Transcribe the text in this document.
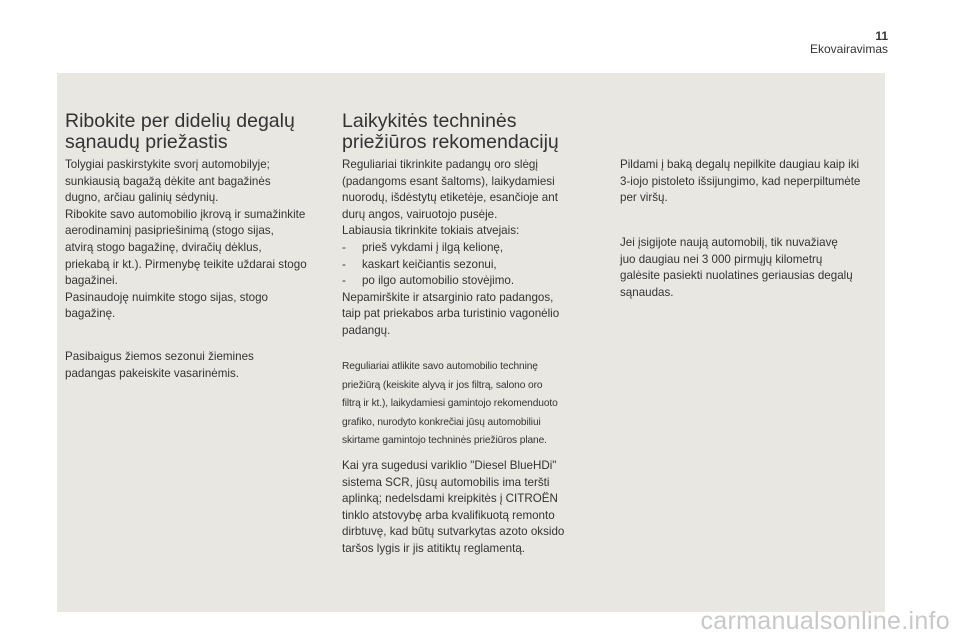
11
Ekovairavimas
Ribokite per didelių degalų
sąnaudų priežastis

Tolygiai paskirstykite svorį automobilyje;
sunkiausią bagažą dėkite ant bagažinės
dugno, arčiau galinių sėdynių.
Ribokite savo automobilio įkrovą ir sumažinkite
aerodinaminį pasipriešinimą (stogo sijas,
atvirą stogo bagažinę, dviračių dėklus,
priekabą ir kt.). Pirmenybę teikite uždarai stogo
bagažinei.
Pasinaudoję nuimkite stogo sijas, stogo
bagažinę.

Pasibaigus žiemos sezonui žiemines
padangas pakeiskite vasarinėmis.

Laikykitės techninės
priežiūros rekomendacijų

Reguliariai tikrinkite padangų oro slėgį
(padangoms esant šaltoms), laikydamiesi
nuorodų, išdėstytų etiketėje, esančioje ant
durų angos, vairuotojo pusėje.
Labiausia tikrinkite tokiais atvejais:
-     prieš vykdami į ilgą kelionę,
-     kaskart keičiantis sezonui,
-     po ilgo automobilio stovėjimo.
Nepamirškite ir atsarginio rato padangos,
taip pat priekabos arba turistinio vagonėlio
padangų.

Reguliariai atlikite savo automobilio techninę
priežiūrą (keiskite alyvą ir jos filtrą, salono oro
filtrą ir kt.), laikydamiesi gamintojo rekomenduoto
grafiko, nurodyto konkrečiai jūsų automobiliui
skirtame gamintojo techninės priežiūros plane.

Kai yra sugedusi variklio "Diesel BlueHDi"
sistema SCR, jūsų automobilis ima teršti
aplinką; nedelsdami kreipkitės į CITROËN
tinklo atstovybę arba kvalifikuotą remonto
dirbtuvę, kad būtų sutvarkytas azoto oksido
taršos lygis ir jis atitiktų reglamentą.

Pildami į baką degalų nepilkite daugiau kaip iki
3-iojo pistoleto išsijungimo, kad neperpiltumėte
per viršų.

Jei įsigijote naują automobilį, tik nuvažiavę
juo daugiau nei 3 000 pirmųjų kilometrų
galėsite pasiekti nuolatines geriausias degalų
sąnaudas.

carmanualsonline.info
